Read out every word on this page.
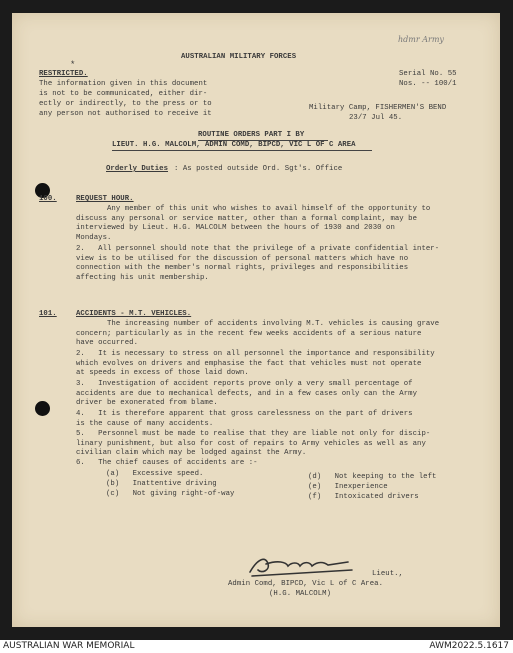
AUSTRALIAN MILITARY FORCES
hdmr Army
*
RESTRICTED.
The information given in this document
is not to be communicated, either dir-
ectly or indirectly, to the press or to
any person not authorised to receive it
Serial No. 55
Nos. -- 100/1
Military Camp, FISHERMEN'S BEND
23/7 Jul 45.
ROUTINE ORDERS PART I BY
LIEUT. H.G. MALCOLM, ADMIN COMD, BIPCD, VIC L OF C AREA
Orderly Duties : As posted outside Ord. Sgt's. Office
100.	REQUEST HOUR.
Any member of this unit who wishes to avail himself of the opportunity to
discuss any personal or service matter, other than a formal complaint, may be
interviewed by Lieut. H.G. MALCOLM between the hours of 1930 and 2030 on
Mondays.
2.   All personnel should note that the privilege of a private confidential inter-
view is to be utilised for the discussion of personal matters which have no
connection with the member's normal rights, privileges and responsibilities
affecting his unit membership.
101.	ACCIDENTS - M.T. VEHICLES.
The increasing number of accidents involving M.T. vehicles is causing grave
concern; particularly as in the recent few weeks accidents of a serious nature
have occurred.
2.   It is necessary to stress on all personnel the importance and responsibility
which evolves on drivers and emphasise the fact that vehicles must not operate
at speeds in excess of those laid down.
3.   Investigation of accident reports prove only a very small percentage of
accidents are due to mechanical defects, and in a few cases only can the Army
driver be exonerated from blame.
4.   It is therefore apparent that gross carelessness on the part of drivers
is the cause of many accidents.
5.   Personnel must be made to realise that they are liable not only for discip-
linary punishment, but also for cost of repairs to Army vehicles as well as any
civilian claim which may be lodged against the Army.
6.   The chief causes of accidents are :-
(a)   Excessive speed.
(b)   Inattentive driving
(c)   Not giving right-of-way
(d)   Not keeping to the left
(e)   Inexperience
(f)   Intoxicated drivers
Lieut.,
Admin Comd, BIPCD, Vic L of C Area.
(H.G. MALCOLM)
AUSTRALIAN WAR MEMORIAL	AWM2022.5.1617
